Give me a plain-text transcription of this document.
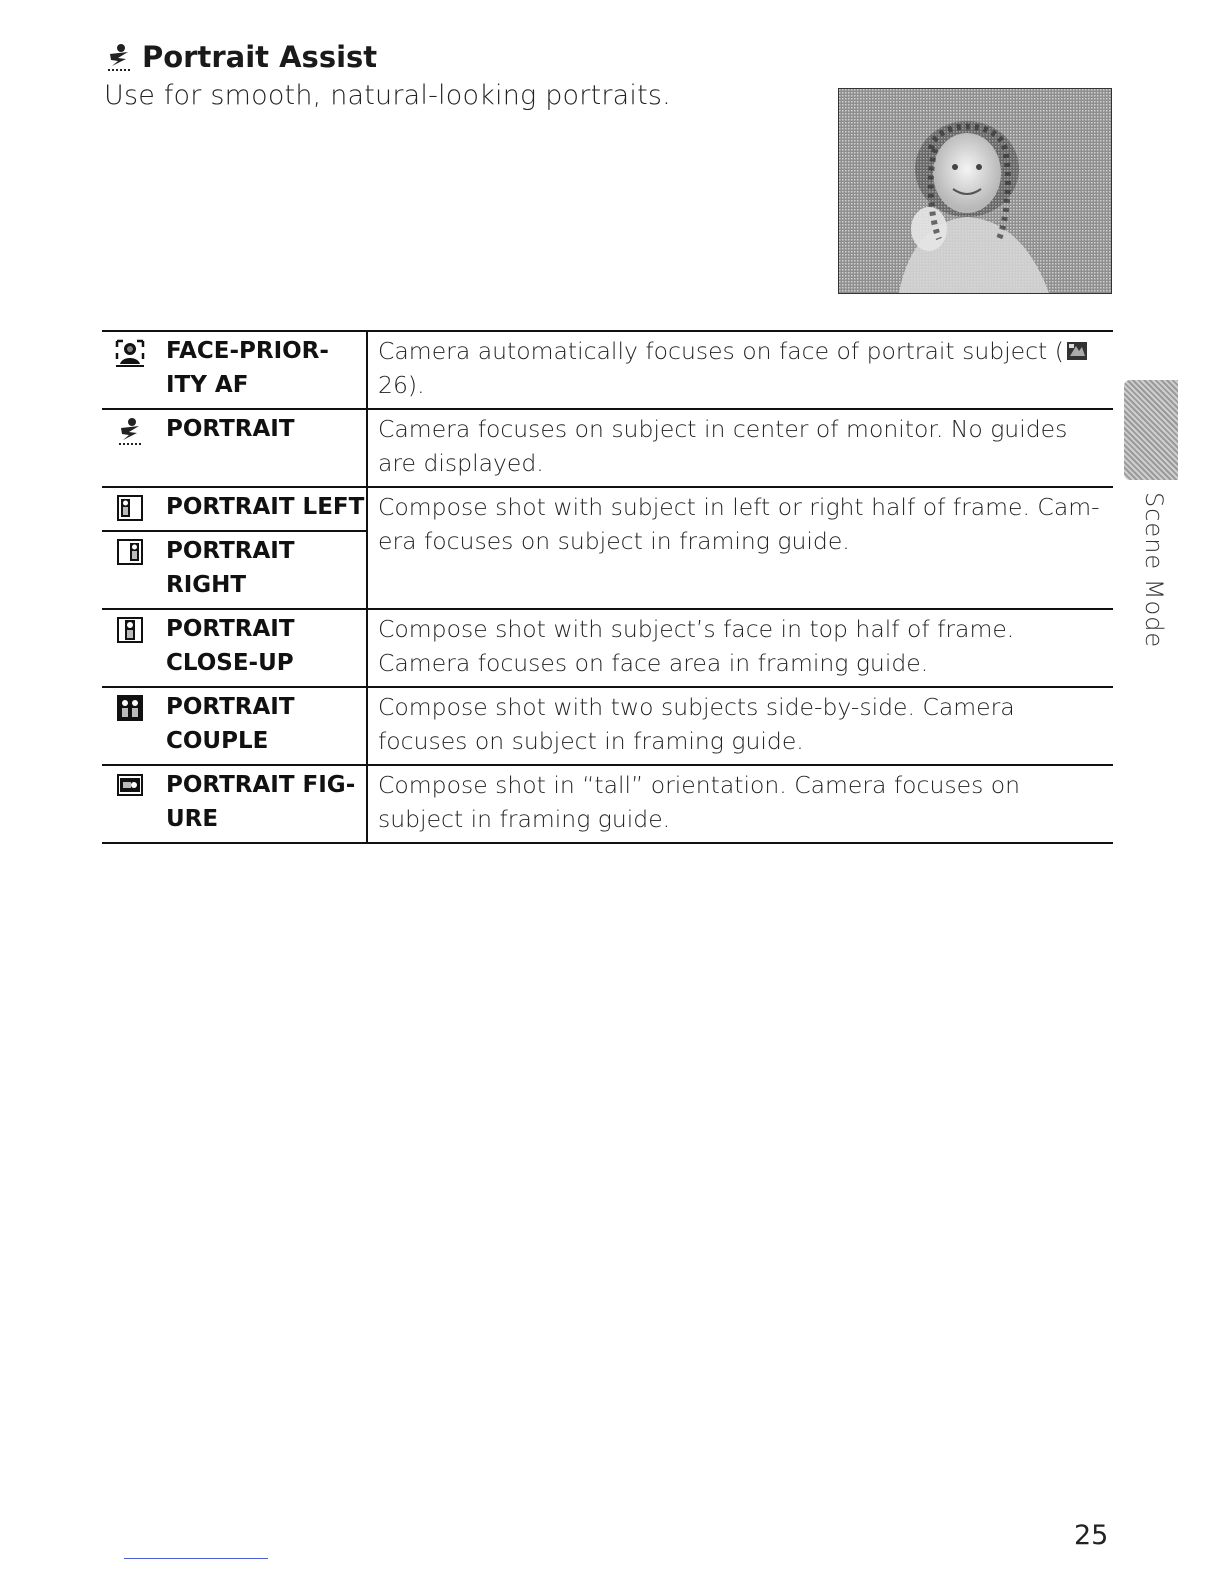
Portrait Assist
Use for smooth, natural-looking portraits.

FACE-PRIOR-
ITY AF	Camera automatically focuses on face of portrait subject ( 26).

PORTRAIT	Camera focuses on subject in center of monitor. No guides are displayed.

PORTRAIT LEFT	Compose shot with subject in left or right half of frame. Cam-era focuses on subject in framing guide.

PORTRAIT
RIGHT	

PORTRAIT
CLOSE-UP	Compose shot with subject’s face in top half of frame. Camera focuses on face area in framing guide.

PORTRAIT
COUPLE	Compose shot with two subjects side-by-side. Camera focuses on subject in framing guide.

PORTRAIT FIG-
URE	Compose shot in “tall” orientation. Camera focuses on subject in framing guide.
Scene Mode
25
